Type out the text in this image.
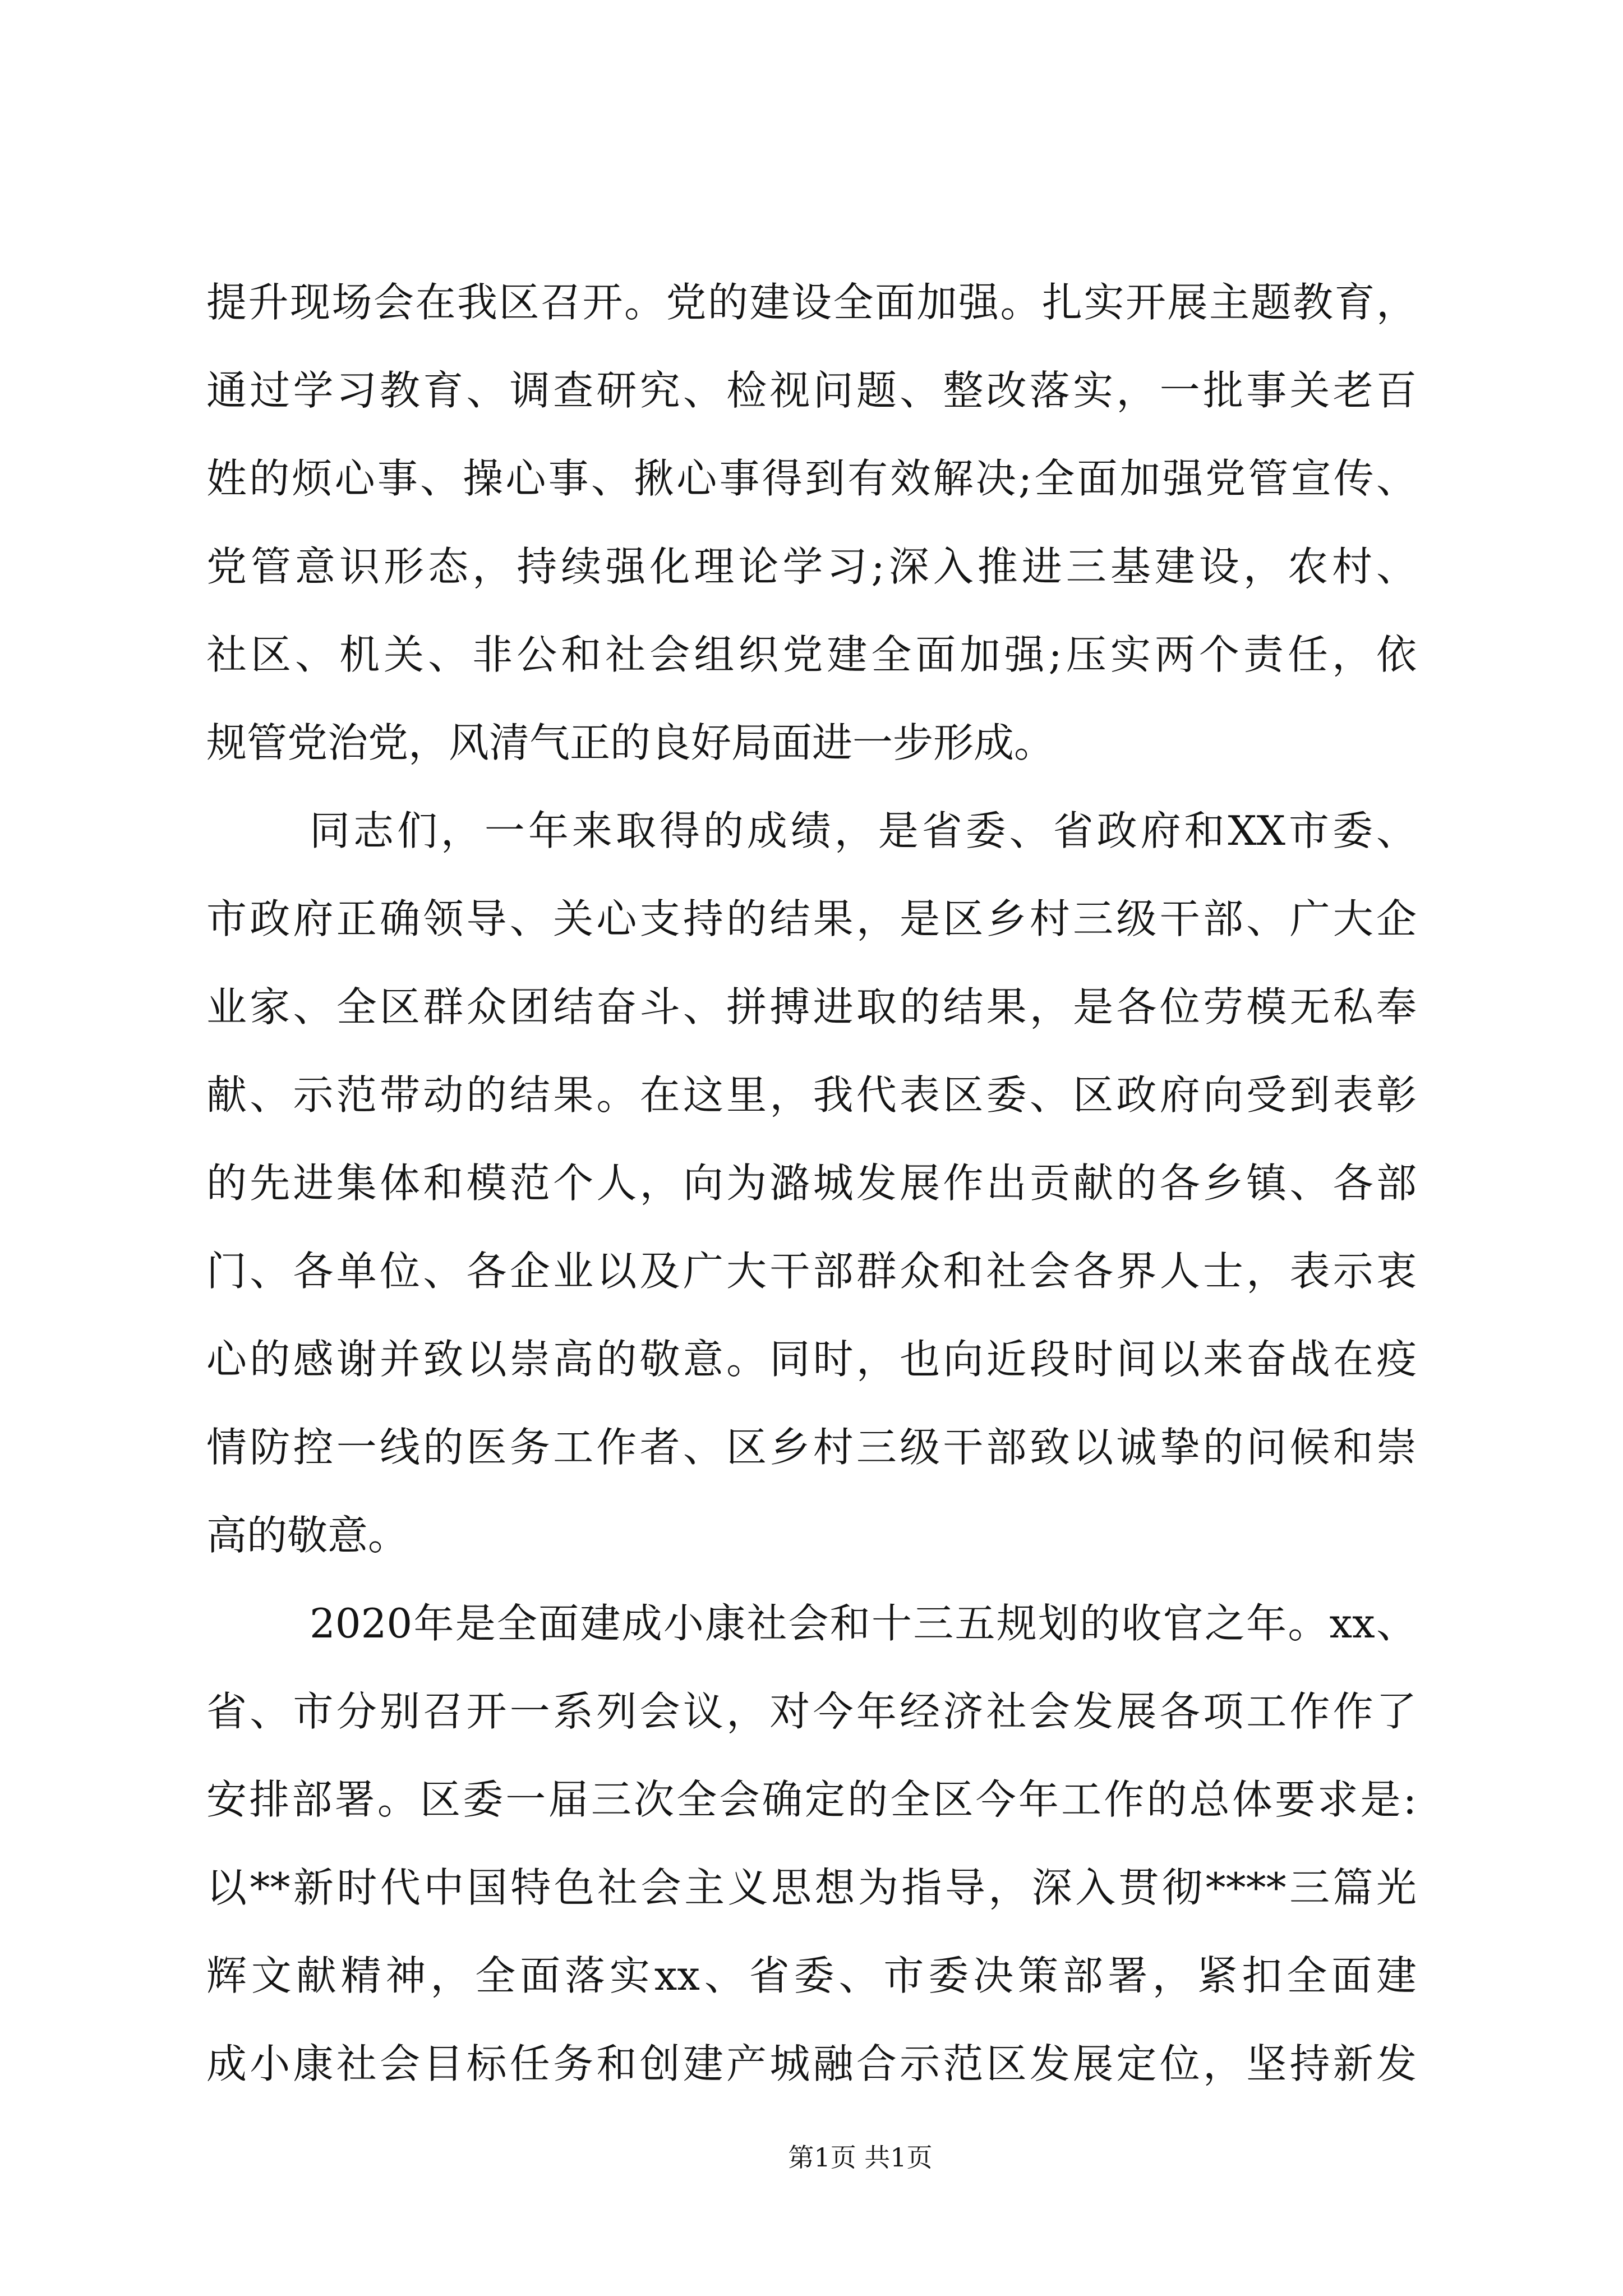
提升现场会在我区召开。党的建设全面加强。扎实开展主题教育，
通过学习教育、调查研究、检视问题、整改落实，一批事关老百
姓的烦心事、操心事、揪心事得到有效解决;全面加强党管宣传、
党管意识形态，持续强化理论学习;深入推进三基建设，农村、
社区、机关、非公和社会组织党建全面加强;压实两个责任，依
规管党治党，风清气正的良好局面进一步形成。
同志们，一年来取得的成绩，是省委、省政府和XX市委、
市政府正确领导、关心支持的结果，是区乡村三级干部、广大企
业家、全区群众团结奋斗、拼搏进取的结果，是各位劳模无私奉
献、示范带动的结果。在这里，我代表区委、区政府向受到表彰
的先进集体和模范个人，向为潞城发展作出贡献的各乡镇、各部
门、各单位、各企业以及广大干部群众和社会各界人士，表示衷
心的感谢并致以崇高的敬意。同时，也向近段时间以来奋战在疫
情防控一线的医务工作者、区乡村三级干部致以诚挚的问候和崇
高的敬意。
2020年是全面建成小康社会和十三五规划的收官之年。xx、
省、市分别召开一系列会议，对今年经济社会发展各项工作作了
安排部署。区委一届三次全会确定的全区今年工作的总体要求是:
以**新时代中国特色社会主义思想为指导，深入贯彻****三篇光
辉文献精神，全面落实xx、省委、市委决策部署，紧扣全面建
成小康社会目标任务和创建产城融合示范区发展定位，坚持新发
第1页 共1页
